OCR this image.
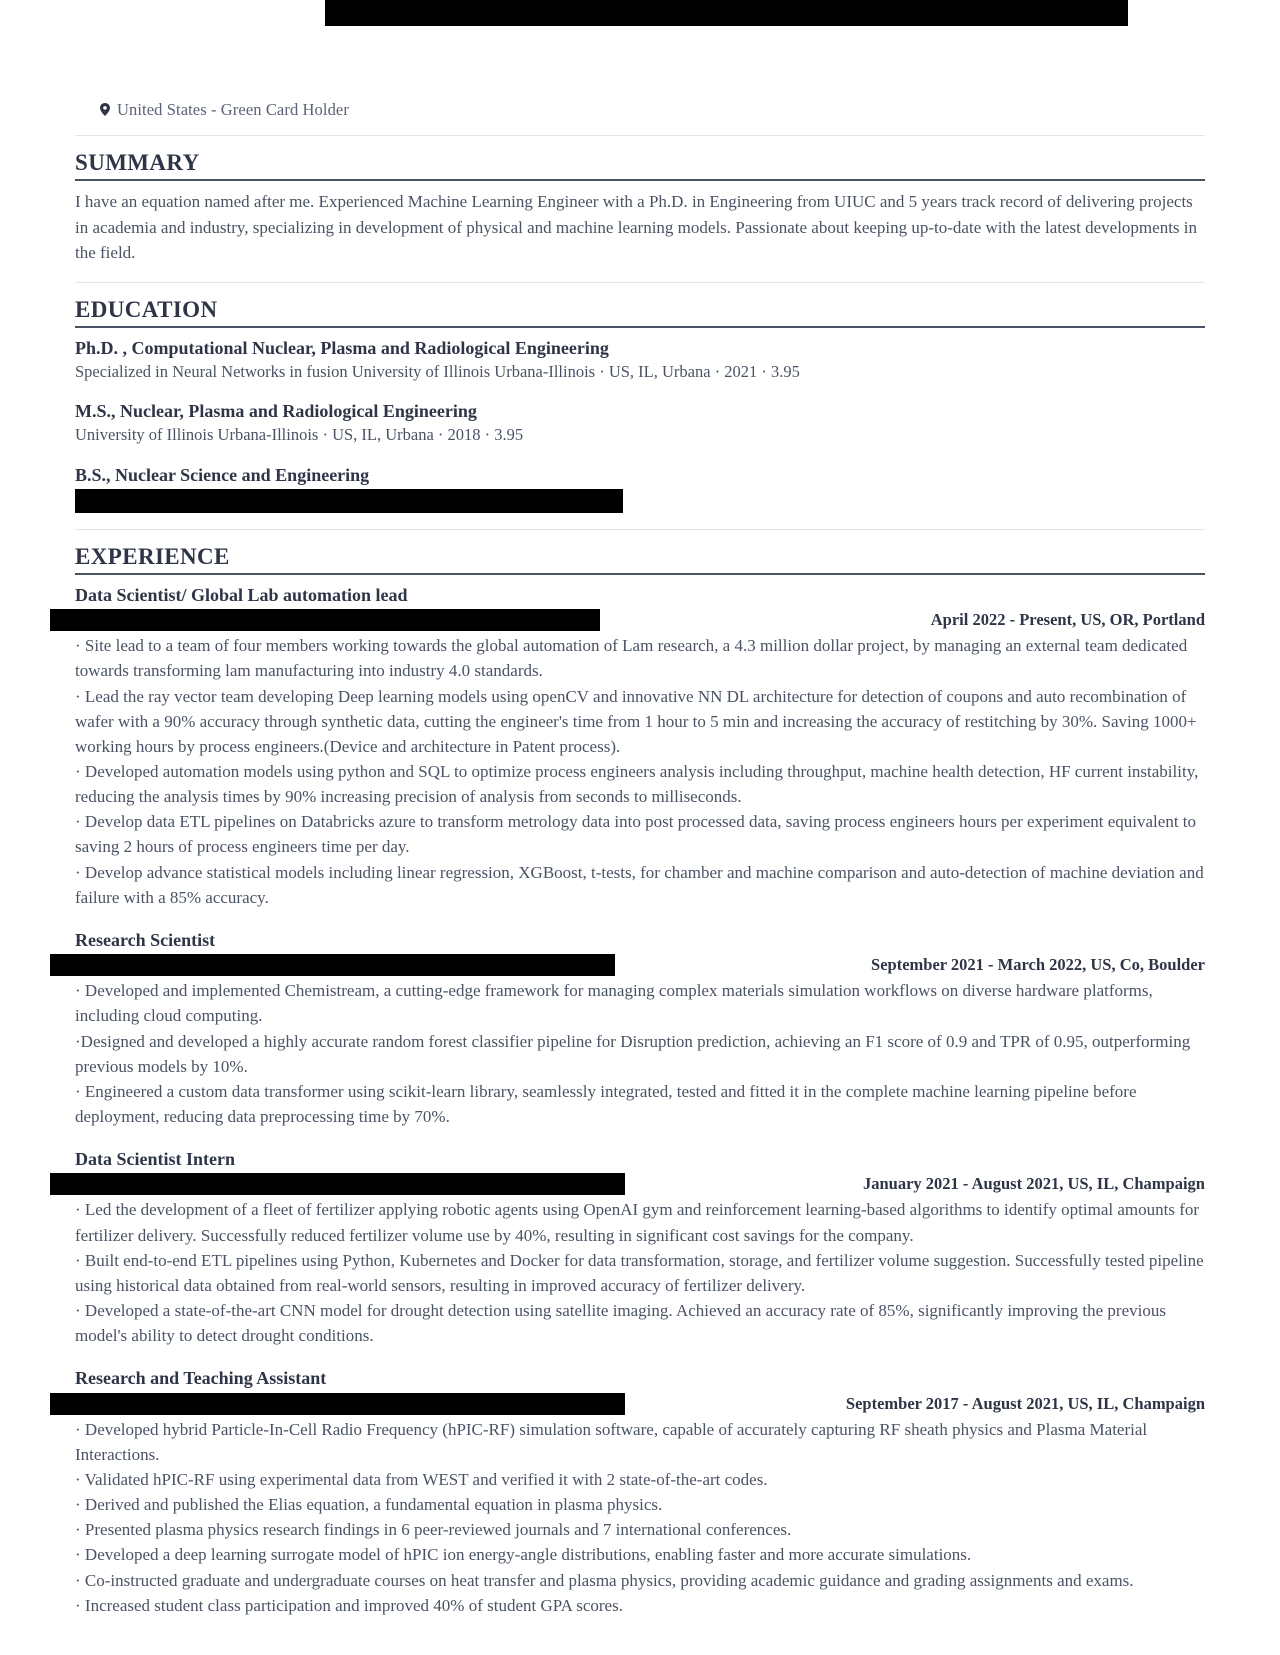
United States - Green Card Holder
SUMMARY

I have an equation named after me. Experienced Machine Learning Engineer with a Ph.D. in Engineering from UIUC and 5 years track record of delivering projects in academia and industry, specializing in development of physical and machine learning models. Passionate about keeping up-to-date with the latest developments in the field.

EDUCATION

Ph.D. , Computational Nuclear, Plasma and Radiological Engineering

Specialized in Neural Networks in fusion University of Illinois Urbana-Illinois · US, IL, Urbana · 2021 · 3.95

M.S., Nuclear, Plasma and Radiological Engineering

University of Illinois Urbana-Illinois · US, IL, Urbana · 2018 · 3.95

B.S., Nuclear Science and Engineering

EXPERIENCE

Data Scientist/ Global Lab automation lead

April 2022 - Present, US, OR, Portland

· Site lead to a team of four members working towards the global automation of Lam research, a 4.3 million dollar project, by managing an external team dedicated towards transforming lam manufacturing into industry 4.0 standards.

· Lead the ray vector team developing Deep learning models using openCV and innovative NN DL architecture for detection of coupons and auto recombination of wafer with a 90% accuracy through synthetic data, cutting the engineer's time from 1 hour to 5 min and increasing the accuracy of restitching by 30%. Saving 1000+ working hours by process engineers.(Device and architecture in Patent process).

· Developed automation models using python and SQL to optimize process engineers analysis including throughput, machine health detection, HF current instability, reducing the analysis times by 90% increasing precision of analysis from seconds to milliseconds.

· Develop data ETL pipelines on Databricks azure to transform metrology data into post processed data, saving process engineers hours per experiment equivalent to saving 2 hours of process engineers time per day.

· Develop advance statistical models including linear regression, XGBoost, t-tests, for chamber and machine comparison and auto-detection of machine deviation and failure with a 85% accuracy.

Research Scientist

September 2021 - March 2022, US, Co, Boulder

· Developed and implemented Chemistream, a cutting-edge framework for managing complex materials simulation workflows on diverse hardware platforms, including cloud computing.

·Designed and developed a highly accurate random forest classifier pipeline for Disruption prediction, achieving an F1 score of 0.9 and TPR of 0.95, outperforming previous models by 10%.

· Engineered a custom data transformer using scikit-learn library, seamlessly integrated, tested and fitted it in the complete machine learning pipeline before deployment, reducing data preprocessing time by 70%.

Data Scientist Intern

January 2021 - August 2021, US, IL, Champaign

· Led the development of a fleet of fertilizer applying robotic agents using OpenAI gym and reinforcement learning-based algorithms to identify optimal amounts for fertilizer delivery. Successfully reduced fertilizer volume use by 40%, resulting in significant cost savings for the company.

· Built end-to-end ETL pipelines using Python, Kubernetes and Docker for data transformation, storage, and fertilizer volume suggestion. Successfully tested pipeline using historical data obtained from real-world sensors, resulting in improved accuracy of fertilizer delivery.

· Developed a state-of-the-art CNN model for drought detection using satellite imaging. Achieved an accuracy rate of 85%, significantly improving the previous model's ability to detect drought conditions.

Research and Teaching Assistant

September 2017 - August 2021, US, IL, Champaign

· Developed hybrid Particle-In-Cell Radio Frequency (hPIC-RF) simulation software, capable of accurately capturing RF sheath physics and Plasma Material Interactions.

· Validated hPIC-RF using experimental data from WEST and verified it with 2 state-of-the-art codes.

· Derived and published the Elias equation, a fundamental equation in plasma physics.

· Presented plasma physics research findings in 6 peer-reviewed journals and 7 international conferences.

· Developed a deep learning surrogate model of hPIC ion energy-angle distributions, enabling faster and more accurate simulations.

· Co-instructed graduate and undergraduate courses on heat transfer and plasma physics, providing academic guidance and grading assignments and exams.

· Increased student class participation and improved 40% of student GPA scores.
